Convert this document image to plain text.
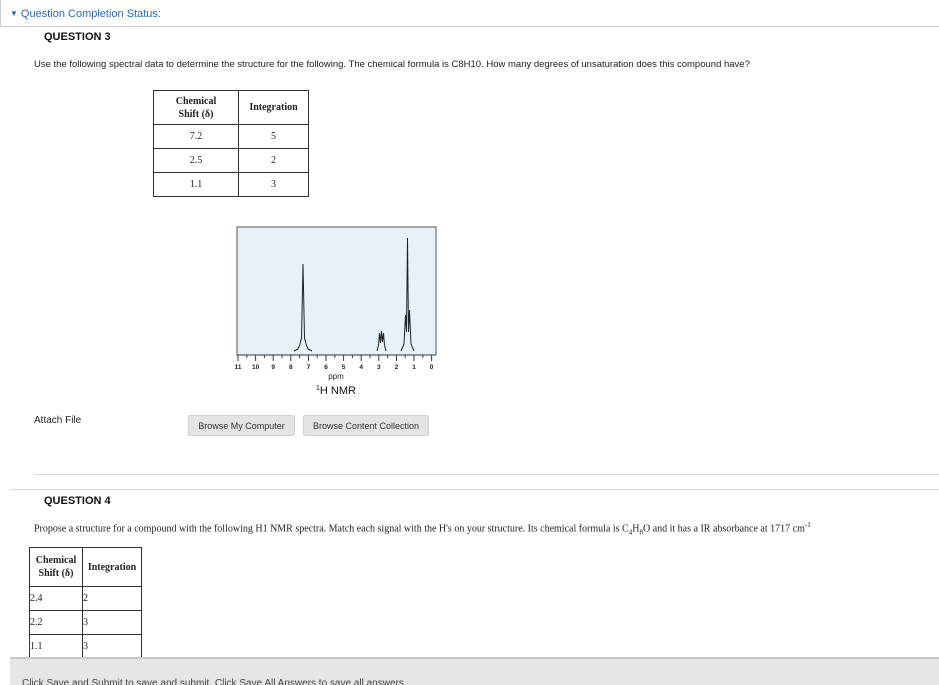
▼ Question Completion Status:
QUESTION 3
Use the following spectral data to determine the structure for the following. The chemical formula is C8H10. How many degrees of unsaturation does this compound have?
Chemical
Shift (δ)	Integration
7.2	5
2.5	2
1.1	3
11 10 9 8 7 6 5 4 3 2 1 0
ppm
$^1$H NMR
Attach File	Browse My Computer	Browse Content Collection
QUESTION 4
Propose a structure for a compound with the following H1 NMR spectra. Match each signal with the H's on your structure. Its chemical formula is $C_4H_8O$ and it has a IR absorbance at 1717 $cm^{-1}$
Chemical
Shift (δ)	Integration
2.4	2
2.2	3
1.1	3
Click Save and Submit to save and submit. Click Save All Answers to save all answers.
